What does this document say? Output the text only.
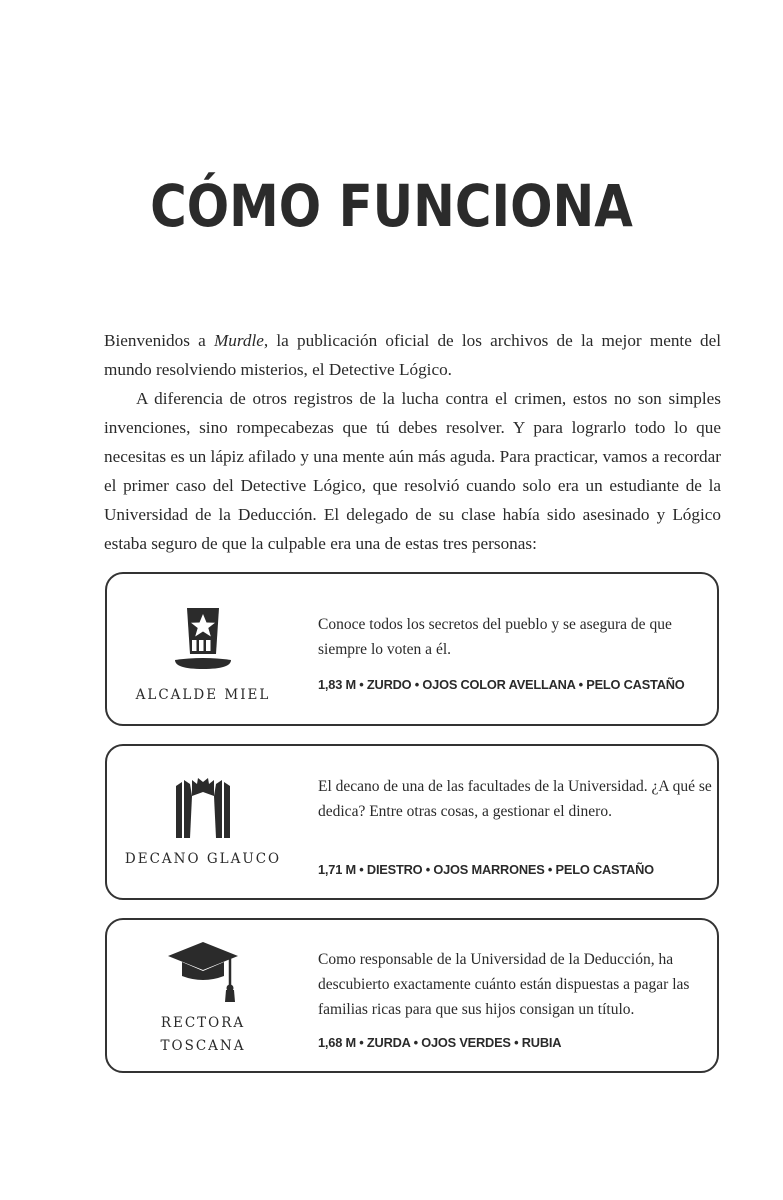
CÓMO FUNCIONA

Bienvenidos a Murdle, la publicación oficial de los archivos de la mejor mente del mundo resolviendo misterios, el Detective Lógico.

A diferencia de otros registros de la lucha contra el crimen, estos no son simples invenciones, sino rompecabezas que tú debes resolver. Y para lograrlo todo lo que necesitas es un lápiz afilado y una mente aún más aguda. Para practicar, vamos a recordar el primer caso del Detective Lógico, que resolvió cuando solo era un estudiante de la Universidad de la Deducción. El delegado de su clase había sido asesinado y Lógico estaba seguro de que la culpable era una de estas tres personas:

ALCALDE MIEL
Conoce todos los secretos del pueblo y se asegura de que siempre lo voten a él.
1,83 M • ZURDO • OJOS COLOR AVELLANA • PELO CASTAÑO
DECANO GLAUCO
El decano de una de las facultades de la Universidad. ¿A qué se dedica? Entre otras cosas, a gestionar el dinero.
1,71 M • DIESTRO • OJOS MARRONES • PELO CASTAÑO
RECTORA
TOSCANA
Como responsable de la Universidad de la Deducción, ha descubierto exactamente cuánto están dispuestas a pagar las familias ricas para que sus hijos consigan un título.
1,68 M • ZURDA • OJOS VERDES • RUBIA
